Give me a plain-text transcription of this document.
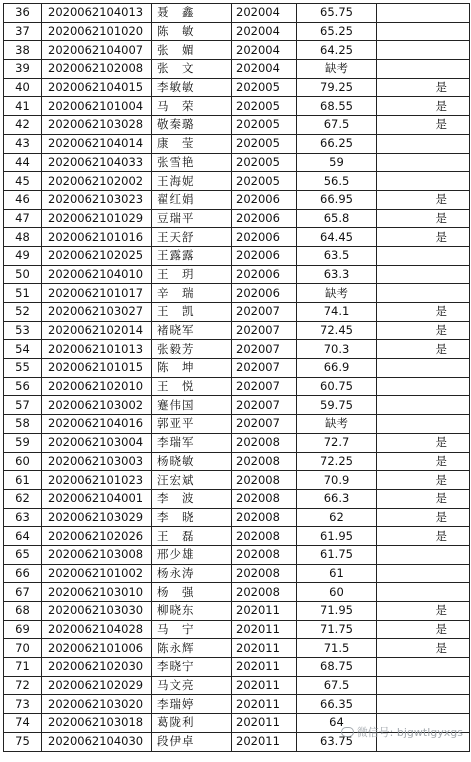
36	2020062104013	聂　鑫	202004	65.75	
37	2020062101020	陈　敏	202004	65.25	
38	2020062104007	张　媚	202004	64.25	
39	2020062102008	张　文	202004	缺考	
40	2020062104015	李敏敏	202005	79.25	是
41	2020062101004	马　荣	202005	68.55	是
42	2020062103028	敬秦璐	202005	67.5	是
43	2020062104014	康　莹	202005	66.25	
44	2020062104033	张雪艳	202005	59	
45	2020062102002	王海妮	202005	56.5	
46	2020062103023	翟红娟	202006	66.95	是
47	2020062101029	豆瑞平	202006	65.8	是
48	2020062101016	王天舒	202006	64.45	是
49	2020062102025	王露露	202006	63.5	
50	2020062104010	王　玥	202006	63.3	
51	2020062101017	辛　瑞	202006	缺考	
52	2020062103027	王　凯	202007	74.1	是
53	2020062102014	褚晓军	202007	72.45	是
54	2020062101013	张毅芳	202007	70.3	是
55	2020062101015	陈　坤	202007	66.9	
56	2020062102010	王　悦	202007	60.75	
57	2020062103002	蹇伟国	202007	59.75	
58	2020062104016	郭亚平	202007	缺考	
59	2020062103004	李瑞军	202008	72.7	是
60	2020062103003	杨晓敏	202008	72.25	是
61	2020062101023	汪宏斌	202008	70.9	是
62	2020062104001	李　波	202008	66.3	是
63	2020062103029	李　晓	202008	62	是
64	2020062102026	王　磊	202008	61.95	是
65	2020062103008	邢少雄	202008	61.75	
66	2020062101002	杨永涛	202008	61	
67	2020062103010	杨　强	202008	60	
68	2020062103030	柳晓东	202011	71.95	是
69	2020062104028	马　宁	202011	71.75	是
70	2020062101006	陈永辉	202011	71.5	是
71	2020062102030	李晓宁	202011	68.75	
72	2020062102029	马文亮	202011	67.5	
73	2020062103020	李瑞婷	202011	66.35	
74	2020062103018	葛陇利	202011	64	
75	2020062104030	段伊卓	202011	63.75	
微信号: bjgwtlgyxgs
